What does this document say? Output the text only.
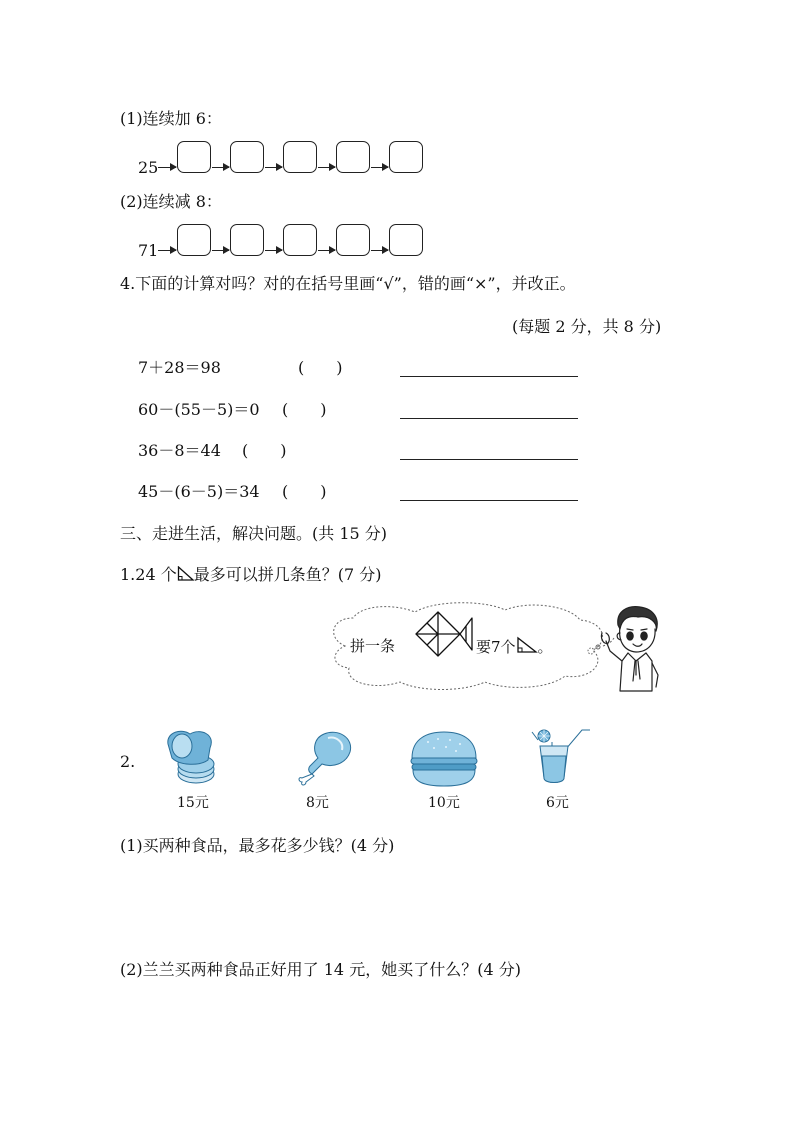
(1)连续加 6：
25
(2)连续减 8：
71
4.下面的计算对吗？对的在括号里画“√”，错的画“×”，并改正。
(每题 2 分，共 8 分)
7＋28＝98	(　　)
60－(55－5)＝0 (　　)
36－8＝44 (　　)
45－(6－5)＝34 (　　)
三、走进生活，解决问题。(共 15 分)
1.24 个 最多可以拼几条鱼？(7 分)
拼一条	要7个 。
2.
15元	8元	10元	6元
(1)买两种食品，最多花多少钱？(4 分)
(2)兰兰买两种食品正好用了 14 元，她买了什么？(4 分)
